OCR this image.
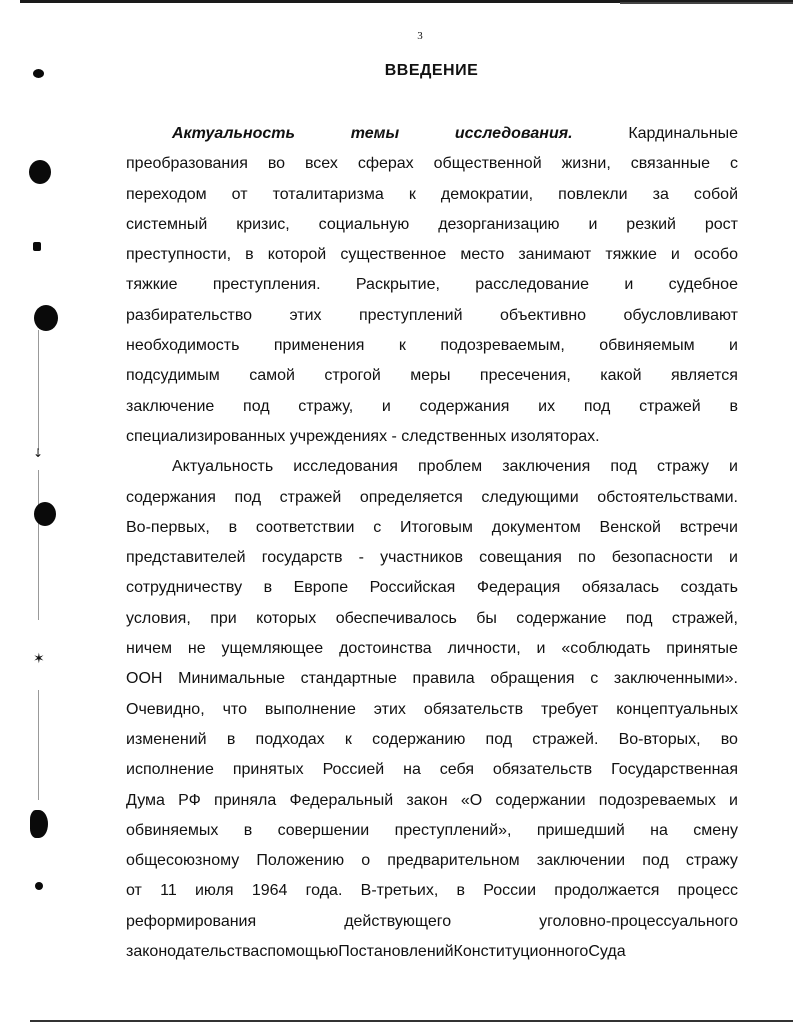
↓
✶
3
ВВЕДЕНИЕ
Актуальность	темы	исследования.	Кардинальные
преобразования во всех сферах общественной жизни, связанные с
переходом от тоталитаризма к демократии, повлекли за собой
системный кризис, социальную дезорганизацию и резкий рост
преступности, в которой существенное место занимают тяжкие и особо
тяжкие преступления. Раскрытие, расследование и судебное
разбирательство этих преступлений объективно обусловливают
необходимость применения к подозреваемым, обвиняемым и
подсудимым самой строгой меры пресечения, какой является
заключение под стражу, и содержания их под стражей в
специализированных учреждениях - следственных изоляторах.
Актуальность исследования проблем заключения под стражу и
содержания под стражей определяется следующими обстоятельствами.
Во-первых, в соответствии с Итоговым документом Венской встречи
представителей государств - участников совещания по безопасности и
сотрудничеству в Европе Российская Федерация обязалась создать
условия, при которых обеспечивалось бы содержание под стражей,
ничем не ущемляющее достоинства личности, и «соблюдать принятые
ООН Минимальные стандартные правила обращения с заключенными».
Очевидно, что выполнение этих обязательств требует концептуальных
изменений в подходах к содержанию под стражей. Во-вторых, во
исполнение принятых Россией на себя обязательств Государственная
Дума РФ приняла Федеральный закон «О содержании подозреваемых и
обвиняемых в совершении преступлений», пришедший на смену
общесоюзному Положению о предварительном заключении под стражу
от 11 июля 1964 года. В-третьих, в России продолжается процесс
реформирования	действующего	уголовно-процессуального
законодательства с помощью Постановлений Конституционного Суда
